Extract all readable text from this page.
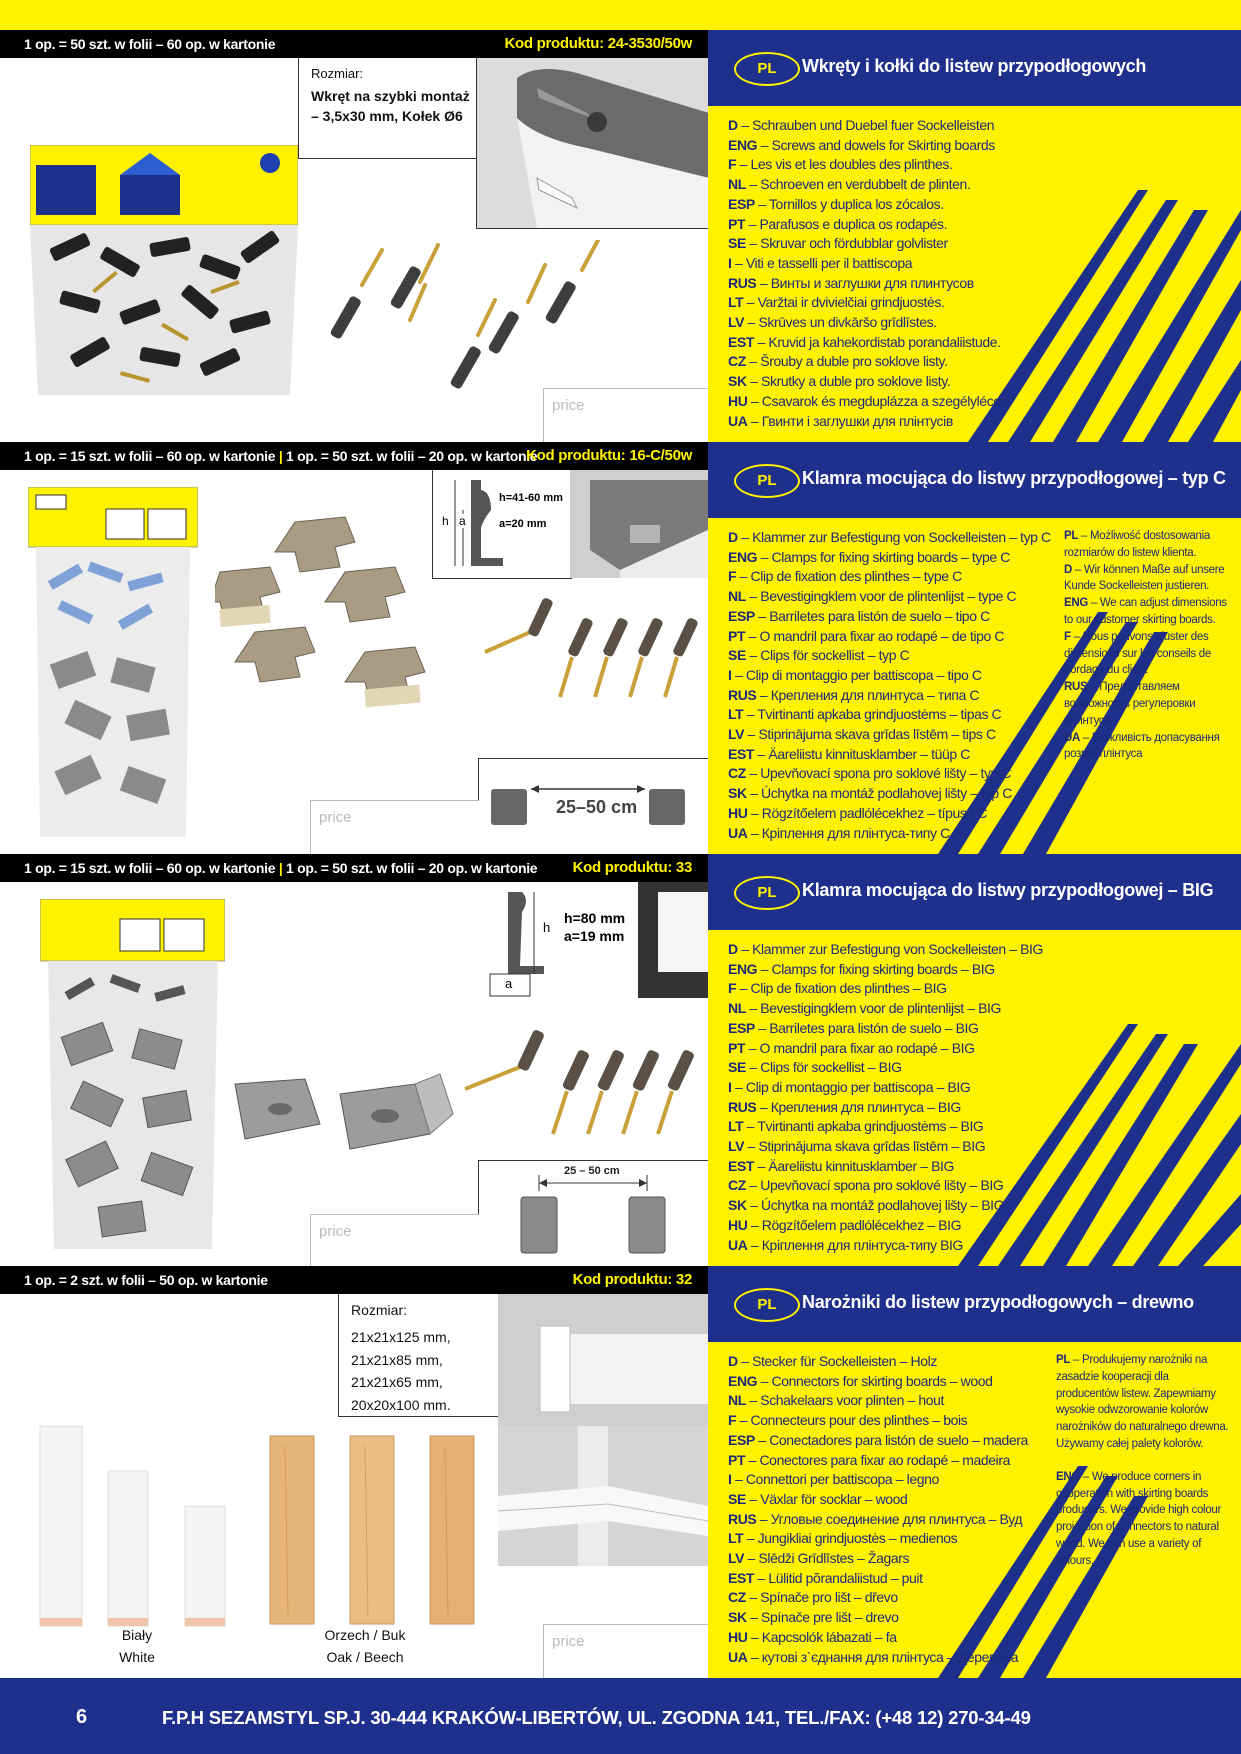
1 op. = 50 szt. w folii – 60 op. w kartonie	Kod produktu: 24-3530/50w
Rozmiar:
Wkręt na szybki montaż – 3,5x30 mm, Kołek Ø6
price
PL	Wkręty i kołki do listew przypodłogowych
D – Schrauben und Duebel fuer Sockelleisten
ENG – Screws and dowels for Skirting boards
F – Les vis et les doubles des plinthes.
NL – Schroeven en verdubbelt de plinten.
ESP – Tornillos y duplica los zócalos.
PT – Parafusos e duplica os rodapés.
SE – Skruvar och fördubblar golvlister
I – Viti e tasselli per il battiscopa
RUS – Винты и заглушки для плинтусов
LT – Varžtai ir dvivielčiai grindjuostės.
LV – Skrūves un divkāršo grīdlīstes.
EST – Kruvid ja kahekordistab porandaliistude.
CZ – Šrouby a duble pro soklove listy.
SK – Skrutky a duble pro soklove listy.
HU – Csavarok és megduplázza a szegélylécek.
UA – Гвинти і заглушки для плінтусів
1 op. = 15 szt. w folii – 60 op. w kartonie | 1 op. = 50 szt. w folii – 20 op. w kartonie
Kod produktu: 16-C/50w
h a
h=41-60 mm
a=20 mm
25–50 cm
price
PL	Klamra mocująca do listwy przypodłogowej – typ C
D – Klammer zur Befestigung von Sockelleisten – typ C
ENG – Clamps for fixing skirting boards – type C
F – Clip de fixation des plinthes – type C
NL – Bevestigingklem voor de plintenlijst – type C
ESP – Barriletes para listón de suelo – tipo C
PT – O mandril para fixar ao rodapé – de tipo C
SE – Clips för sockellist – typ C
I – Clip di montaggio per battiscopa – tipo C
RUS – Крепления для плинтуса – типа C
LT – Tvirtinanti apkaba grindjuostėms – tipas C
LV – Stiprinājuma skava grīdas līstēm – tips C
EST – Äareliistu kinnitusklamber – tüüp C
CZ – Upevňovací spona pro soklové lišty – typ C
SK – Úchytka na montáž podlahovej lišty – typ C
HU – Rögzítőelem padlólécekhez – típusú C
UA – Кріплення для плінтуса-типу C
PL – Możliwość dostosowania rozmiarów do listew klienta.
D – Wir können Maße auf unsere Kunde Sockelleisten justieren.
ENG – We can adjust dimensions to our customer skirting boards.
F – Nous pouvons ajuster des dimensions sur les conseils de bordage du client
RUS – Предоставляем возможность регулеровки плинтуса
UA – Можливість допасування розмів плінтуса
1 op. = 15 szt. w folii – 60 op. w kartonie | 1 op. = 50 szt. w folii – 20 op. w kartonie Kod produktu: 33
h
a
h=80 mm
a=19 mm
25 – 50 cm
price
PL	Klamra mocująca do listwy przypodłogowej – BIG
D – Klammer zur Befestigung von Sockelleisten – BIG
ENG – Clamps for fixing skirting boards – BIG
F – Clip de fixation des plinthes – BIG
NL – Bevestigingklem voor de plintenlijst – BIG
ESP – Barriletes para listón de suelo – BIG
PT – O mandril para fixar ao rodapé – BIG
SE – Clips för sockellist – BIG
I – Clip di montaggio per battiscopa – BIG
RUS – Крепления для плинтуса – BIG
LT – Tvirtinanti apkaba grindjuostėms – BIG
LV – Stiprinājuma skava grīdas līstēm – BIG
EST – Äareliistu kinnitusklamber – BIG
CZ – Upevňovací spona pro soklové lišty – BIG
SK – Úchytka na montáž podlahovej lišty – BIG
HU – Rögzítőelem padlólécekhez – BIG
UA – Кріплення для плінтуса-типу BIG
1 op. = 2 szt. w folii – 50 op. w kartonie	Kod produktu: 32
Rozmiar:
21x21x125 mm,
21x21x85 mm,
21x21x65 mm,
20x20x100 mm.
Biały
White
Orzech / Buk
Oak / Beech
price
PL	Narożniki do listew przypodłogowych – drewno
D – Stecker für Sockelleisten – Holz
ENG – Connectors for skirting boards – wood
NL – Schakelaars voor plinten – hout
F – Connecteurs pour des plinthes – bois
ESP – Conectadores para listón de suelo – madera
PT – Conectores para fixar ao rodapé – madeira
I – Connettori per battiscopa – legno
SE – Växlar för socklar – wood
RUS – Угловые соединение для плинтуса – Вуд
LT – Jungikliai grindjuostės – medienos
LV – Slēdži Grīdlīstes – Žagars
EST – Lülitid põrandaliistud – puit
CZ – Spínače pro lišt – dřevo
SK – Spínače pre lišt – drevo
HU – Kapcsolók lábazati – fa
UA – кутові з`єднання для плінтуса – Деревина

PL – Produkujemy narożniki na zasadzie kooperacji dla producentów listew. Zapewniamy wysokie odwzorowanie kolorów narożników do naturalnego drewna. Używamy całej palety kolorów.

ENG – We produce corners in cooperation with skirting boards producers. We provide high colour projection of connectors to natural wood. We can use a variety of colours.

6	F.P.H SEZAMSTYL SP.J. 30-444 KRAKÓW-LIBERTÓW, UL. ZGODNA 141, TEL./FAX: (+48 12) 270-34-49
